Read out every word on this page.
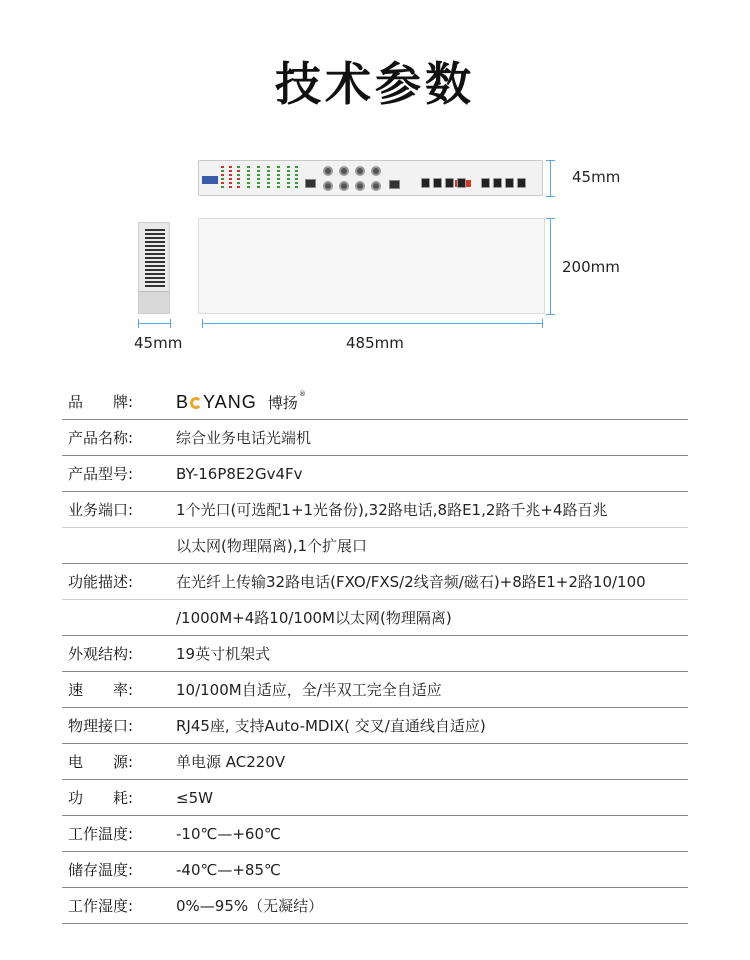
技术参数
45mm
200mm
45mm	485mm
品　　牌:	B YANG 博扬®
产品名称:	综合业务电话光端机
产品型号:	BY-16P8E2Gv4Fv
业务端口:	1个光口(可选配1+1光备份),32路电话,8路E1,2路千兆+4路百兆
以太网(物理隔离),1个扩展口
功能描述:	在光纤上传输32路电话(FXO/FXS/2线音频/磁石)+8路E1+2路10/100
/1000M+4路10/100M以太网(物理隔离)
外观结构:	19英寸机架式
速　　率:	10/100M自适应，全/半双工完全自适应
物理接口:	RJ45座, 支持Auto-MDIX( 交叉/直通线自适应)
电　　源:	单电源 AC220V
功　　耗:	≤5W
工作温度:	-10℃—+60℃
储存温度:	-40℃—+85℃
工作湿度:	0%—95%（无凝结）
